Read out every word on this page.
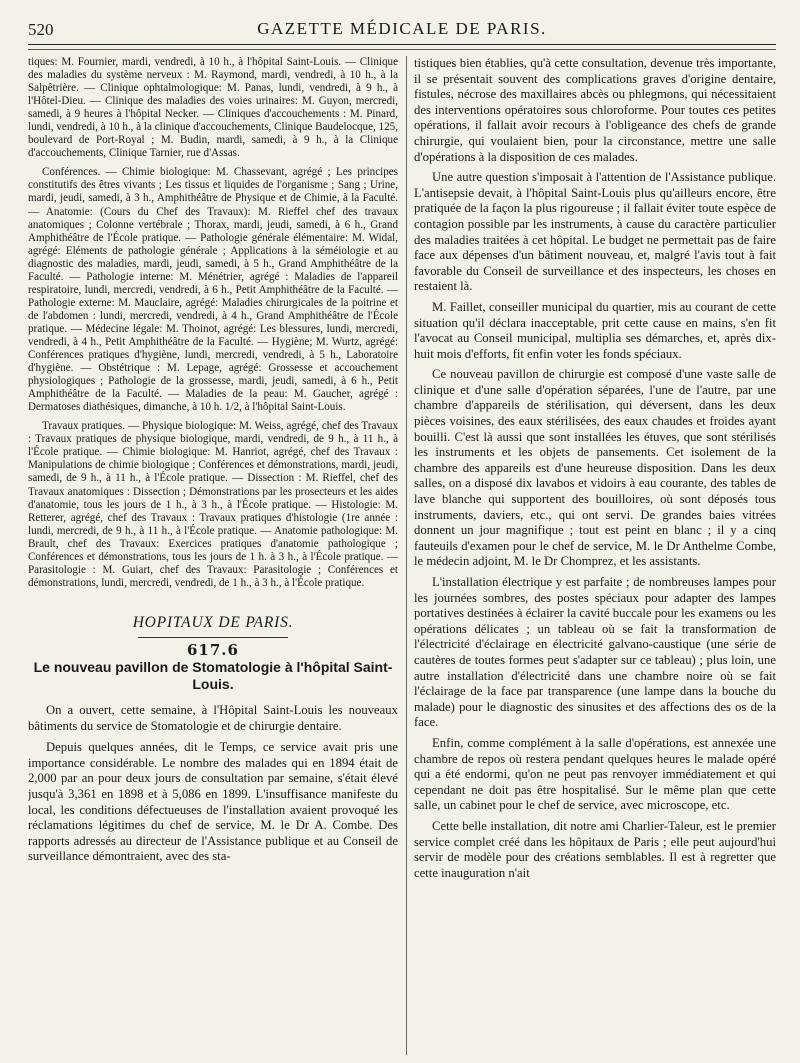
520	GAZETTE MÉDICALE DE PARIS.

tiques: M. Fournier, mardi, vendredi, à 10 h., à l'hôpital Saint-Louis. — Clinique des maladies du système nerveux : M. Raymond, mardi, vendredi, à 10 h., à la Salpêtrière. — Clinique ophtalmologique: M. Panas, lundi, vendredi, à 9 h., à l'Hôtel-Dieu. — Clinique des maladies des voies urinaires: M. Guyon, mercredi, samedi, à 9 heures à l'hôpital Necker. — Cliniques d'accouchements : M. Pinard, lundi, vendredi, à 10 h., à la clinique d'accouchements, Clinique Baudelocque, 125, boulevard de Port-Royal ; M. Budin, mardi, samedi, à 9 h., à la Clinique d'accouchements, Clinique Tarnier, rue d'Assas.

Conférences. — Chimie biologique: M. Chassevant, agrégé ; Les principes constitutifs des êtres vivants ; Les tissus et liquides de l'organisme ; Sang ; Urine, mardi, jeudi, samedi, à 3 h., Amphithéâtre de Physique et de Chimie, à la Faculté. — Anatomie: (Cours du Chef des Travaux): M. Rieffel chef des travaux anatomiques ; Colonne vertébrale ; Thorax, mardi, jeudi, samedi, à 6 h., Grand Amphithéâtre de l'École pratique. — Pathologie générale élémentaire: M. Widal, agrégé: Eléments de pathologie générale ; Applications à la séméiologie et au diagnostic des maladies, mardi, jeudi, samedi, à 5 h., Grand Amphithéâtre de la Faculté. — Pathologie interne: M. Ménétrier, agrégé : Maladies de l'appareil respiratoire, lundi, mercredi, vendredi, à 6 h., Petit Amphithéâtre de la Faculté. — Pathologie externe: M. Mauclaire, agrégé: Maladies chirurgicales de la poitrine et de l'abdomen : lundi, mercredi, vendredi, à 4 h., Grand Amphithéâtre de l'École pratique. — Médecine légale: M. Thoinot, agrégé: Les blessures, lundi, mercredi, vendredi, à 4 h., Petit Amphithéâtre de la Faculté. — Hygiène; M. Wurtz, agrégé: Conférences pratiques d'hygiène, lundi, mercredi, vendredi, à 5 h., Laboratoire d'hygiène. — Obstétrique : M. Lepage, agrégé: Grossesse et accouchement physiologiques ; Pathologie de la grossesse, mardi, jeudi, samedi, à 6 h., Petit Amphithéâtre de la Faculté. — Maladies de la peau: M. Gaucher, agrégé : Dermatoses diathésiques, dimanche, à 10 h. 1/2, à l'hôpital Saint-Louis.

Travaux pratiques. — Physique biologique: M. Weiss, agrégé, chef des Travaux : Travaux pratiques de physique biologique, mardi, vendredi, de 9 h., à 11 h., à l'École pratique. — Chimie biologique: M. Hanriot, agrégé, chef des Travaux : Manipulations de chimie biologique ; Conférences et démonstrations, mardi, jeudi, samedi, de 9 h., à 11 h., à l'École pratique. — Dissection : M. Rieffel, chef des Travaux anatomiques : Dissection ; Démonstrations par les prosecteurs et les aides d'anatomie, tous les jours de 1 h., à 3 h., à l'École pratique. — Histologie: M. Retterer, agrégé, chef des Travaux : Travaux pratiques d'histologie (1re année : lundi, mercredi, de 9 h., à 11 h., à l'École pratique. — Anatomie pathologique: M. Brault, chef des Travaux: Exercices pratiques d'anatomie pathologique ; Conférences et démonstrations, tous les jours de 1 h. à 3 h., à l'École pratique. — Parasitologie : M. Guiart, chef des Travaux: Parasitologie ; Conférences et démonstrations, lundi, mercredi, vendredi, de 1 h., à 3 h., à l'École pratique.

HOPITAUX DE PARIS.
617.6
Le nouveau pavillon de Stomatologie à l'hôpital Saint-Louis.

On a ouvert, cette semaine, à l'Hôpital Saint-Louis les nouveaux bâtiments du service de Stomatologie et de chirurgie dentaire.

Depuis quelques années, dit le Temps, ce service avait pris une importance considérable. Le nombre des malades qui en 1894 était de 2,000 par an pour deux jours de consultation par semaine, s'était élevé jusqu'à 3,361 en 1898 et à 5,086 en 1899. L'insuffisance manifeste du local, les conditions défectueuses de l'installation avaient provoqué les réclamations légitimes du chef de service, M. le Dr A. Combe. Des rapports adressés au directeur de l'Assistance publique et au Conseil de surveillance démontraient, avec des sta-

tistiques bien établies, qu'à cette consultation, devenue très importante, il se présentait souvent des complications graves d'origine dentaire, fistules, nécrose des maxillaires abcès ou phlegmons, qui nécessitaient des interventions opératoires sous chloroforme. Pour toutes ces petites opérations, il fallait avoir recours à l'obligeance des chefs de grande chirurgie, qui voulaient bien, pour la circonstance, mettre une salle d'opérations à la disposition de ces malades.

Une autre question s'imposait à l'attention de l'Assistance publique. L'antisepsie devait, à l'hôpital Saint-Louis plus qu'ailleurs encore, être pratiquée de la façon la plus rigoureuse ; il fallait éviter toute espèce de contagion possible par les instruments, à cause du caractère particulier des maladies traitées à cet hôpital. Le budget ne permettait pas de faire face aux dépenses d'un bâtiment nouveau, et, malgré l'avis tout à fait favorable du Conseil de surveillance et des inspecteurs, les choses en restaient là.

M. Faillet, conseiller municipal du quartier, mis au courant de cette situation qu'il déclara inacceptable, prit cette cause en mains, s'en fit l'avocat au Conseil municipal, multiplia ses démarches, et, après dix-huit mois d'efforts, fit enfin voter les fonds spéciaux.

Ce nouveau pavillon de chirurgie est composé d'une vaste salle de clinique et d'une salle d'opération séparées, l'une de l'autre, par une chambre d'appareils de stérilisation, qui déversent, dans les deux pièces voisines, des eaux stérilisées, des eaux chaudes et froides ayant bouilli. C'est là aussi que sont installées les étuves, que sont stérilisés les instruments et les objets de pansements. Cet isolement de la chambre des appareils est d'une heureuse disposition. Dans les deux salles, on a disposé dix lavabos et vidoirs à eau courante, des tables de lave blanche qui supportent des bouilloires, où sont déposés tous instruments, daviers, etc., qui ont servi. De grandes baies vitrées donnent un jour magnifique ; tout est peint en blanc ; il y a cinq fauteuils d'examen pour le chef de service, M. le Dr Anthelme Combe, le médecin adjoint, M. le Dr Chomprez, et les assistants.

L'installation électrique y est parfaite ; de nombreuses lampes pour les journées sombres, des postes spéciaux pour adapter des lampes portatives destinées à éclairer la cavité buccale pour les examens ou les opérations délicates ; un tableau où se fait la transformation de l'électricité d'éclairage en électricité galvano-caustique (une série de cautères de toutes formes peut s'adapter sur ce tableau) ; plus loin, une autre installation d'électricité dans une chambre noire où se fait l'éclairage de la face par transparence (une lampe dans la bouche du malade) pour le diagnostic des sinusites et des affections des os de la face.

Enfin, comme complément à la salle d'opérations, est annexée une chambre de repos où restera pendant quelques heures le malade opéré qui a été endormi, qu'on ne peut pas renvoyer immédiatement et qui cependant ne doit pas être hospitalisé. Sur le même plan que cette salle, un cabinet pour le chef de service, avec microscope, etc.

Cette belle installation, dit notre ami Charlier-Taleur, est le premier service complet créé dans les hôpitaux de Paris ; elle peut aujourd'hui servir de modèle pour des créations semblables. Il est à regretter que cette inauguration n'ait
